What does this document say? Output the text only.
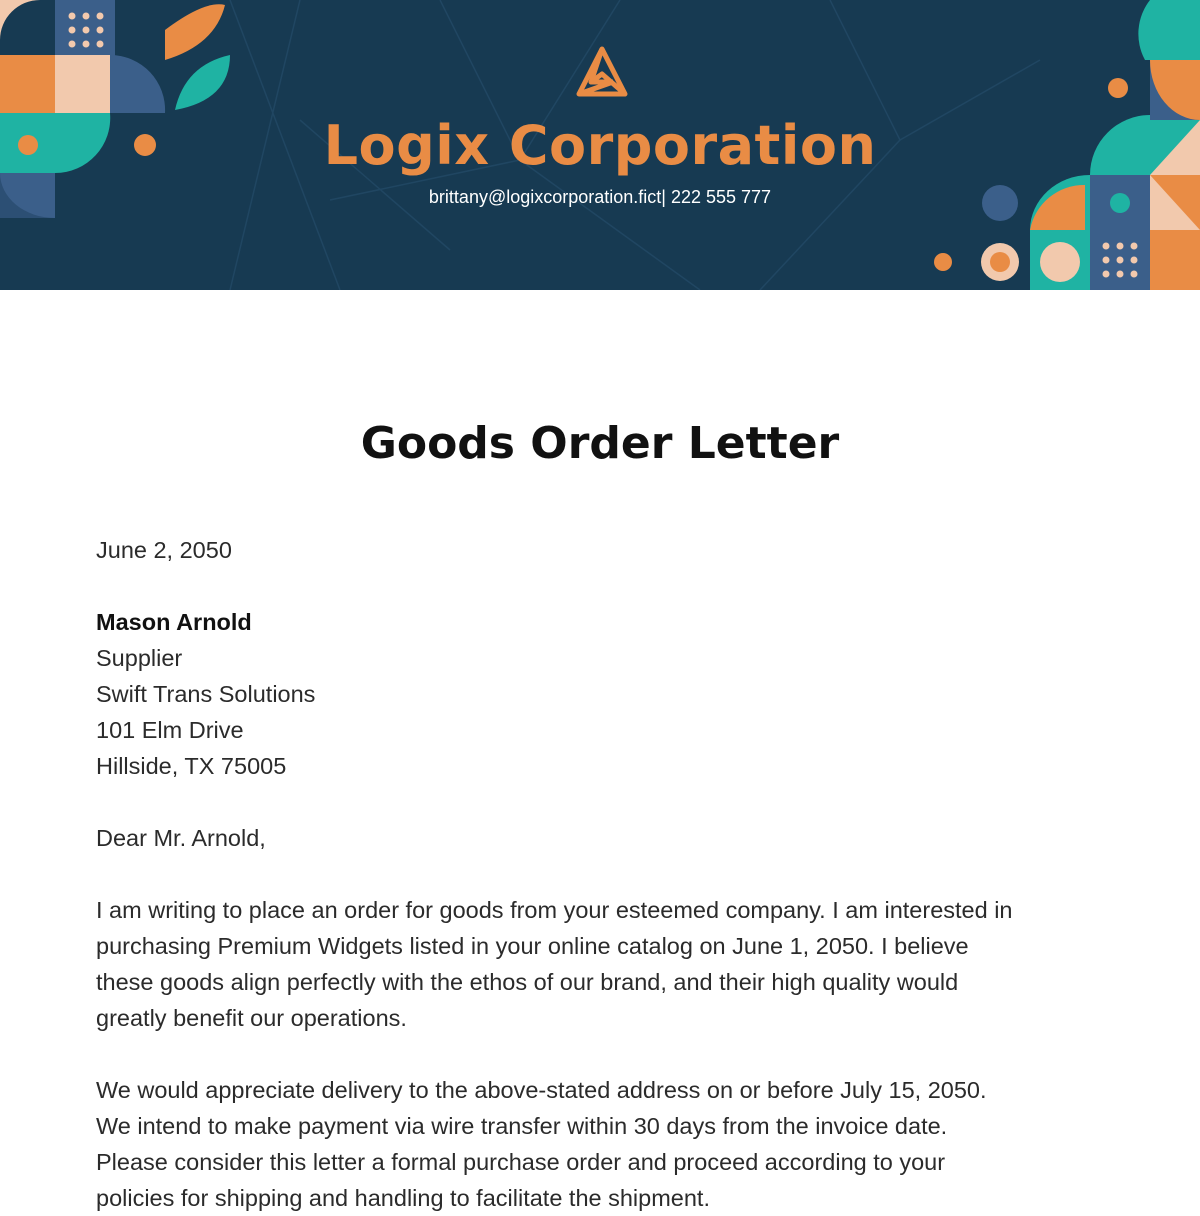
Logix Corporation
brittany@logixcorporation.fict| 222 555 777
Goods Order Letter
June 2, 2050
Mason Arnold
Supplier
Swift Trans Solutions
101 Elm Drive
Hillside, TX 75005
Dear Mr. Arnold,
I am writing to place an order for goods from your esteemed company. I am interested in
purchasing Premium Widgets listed in your online catalog on June 1, 2050. I believe
these goods align perfectly with the ethos of our brand, and their high quality would
greatly benefit our operations.
We would appreciate delivery to the above-stated address on or before July 15, 2050.
We intend to make payment via wire transfer within 30 days from the invoice date.
Please consider this letter a formal purchase order and proceed according to your
policies for shipping and handling to facilitate the shipment.
